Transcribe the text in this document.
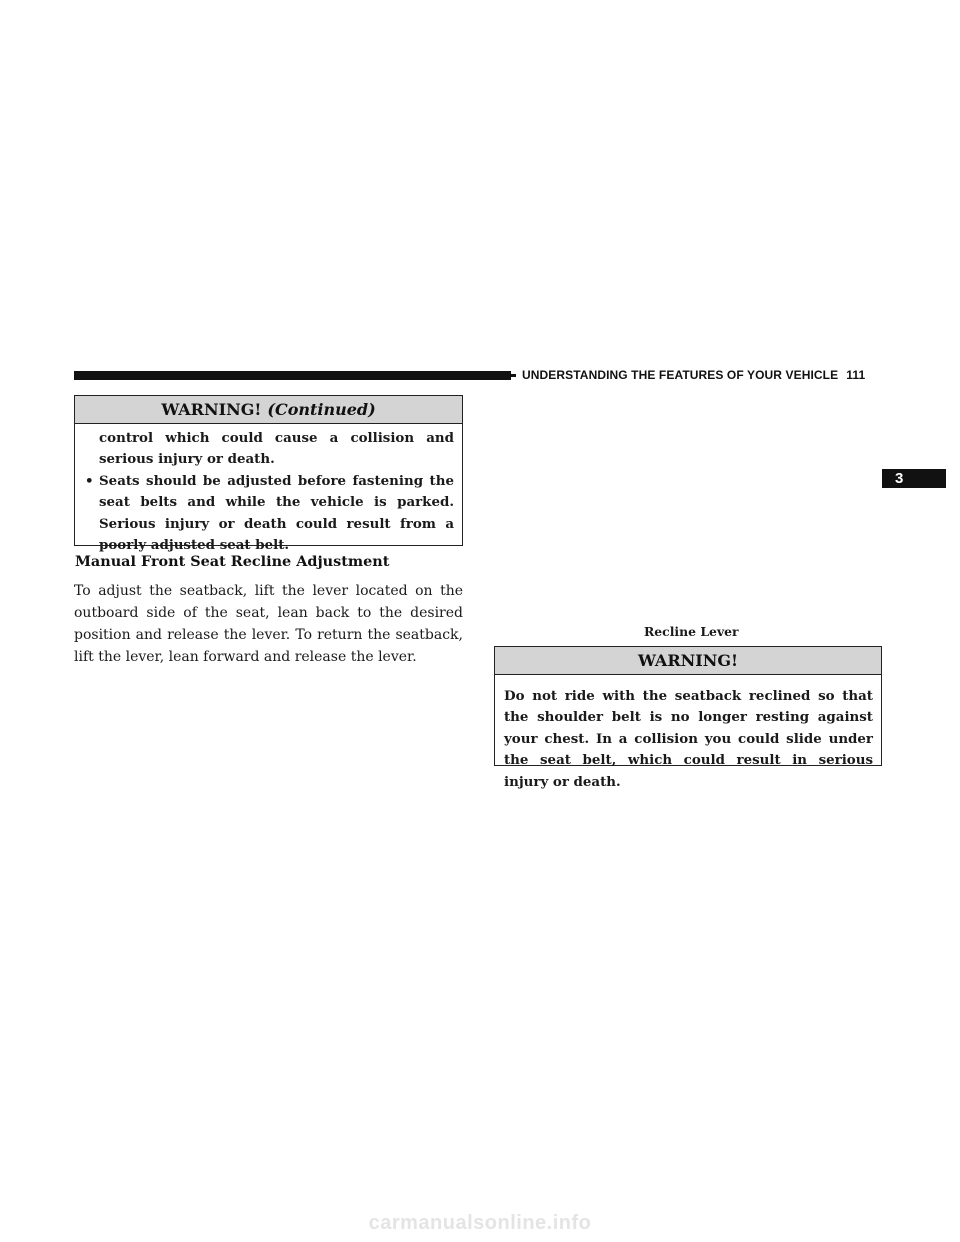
UNDERSTANDING THE FEATURES OF YOUR VEHICLE 111
3
WARNING! (Continued)
control which could cause a collision and serious injury or death.
• Seats should be adjusted before fastening the seat belts and while the vehicle is parked. Serious injury or death could result from a poorly adjusted seat belt.
Manual Front Seat Recline Adjustment
To adjust the seatback, lift the lever located on the outboard side of the seat, lean back to the desired position and release the lever. To return the seatback, lift the lever, lean forward and release the lever.
Recline Lever
WARNING!
Do not ride with the seatback reclined so that the shoulder belt is no longer resting against your chest. In a collision you could slide under the seat belt, which could result in serious injury or death.
carmanualsonline.info
